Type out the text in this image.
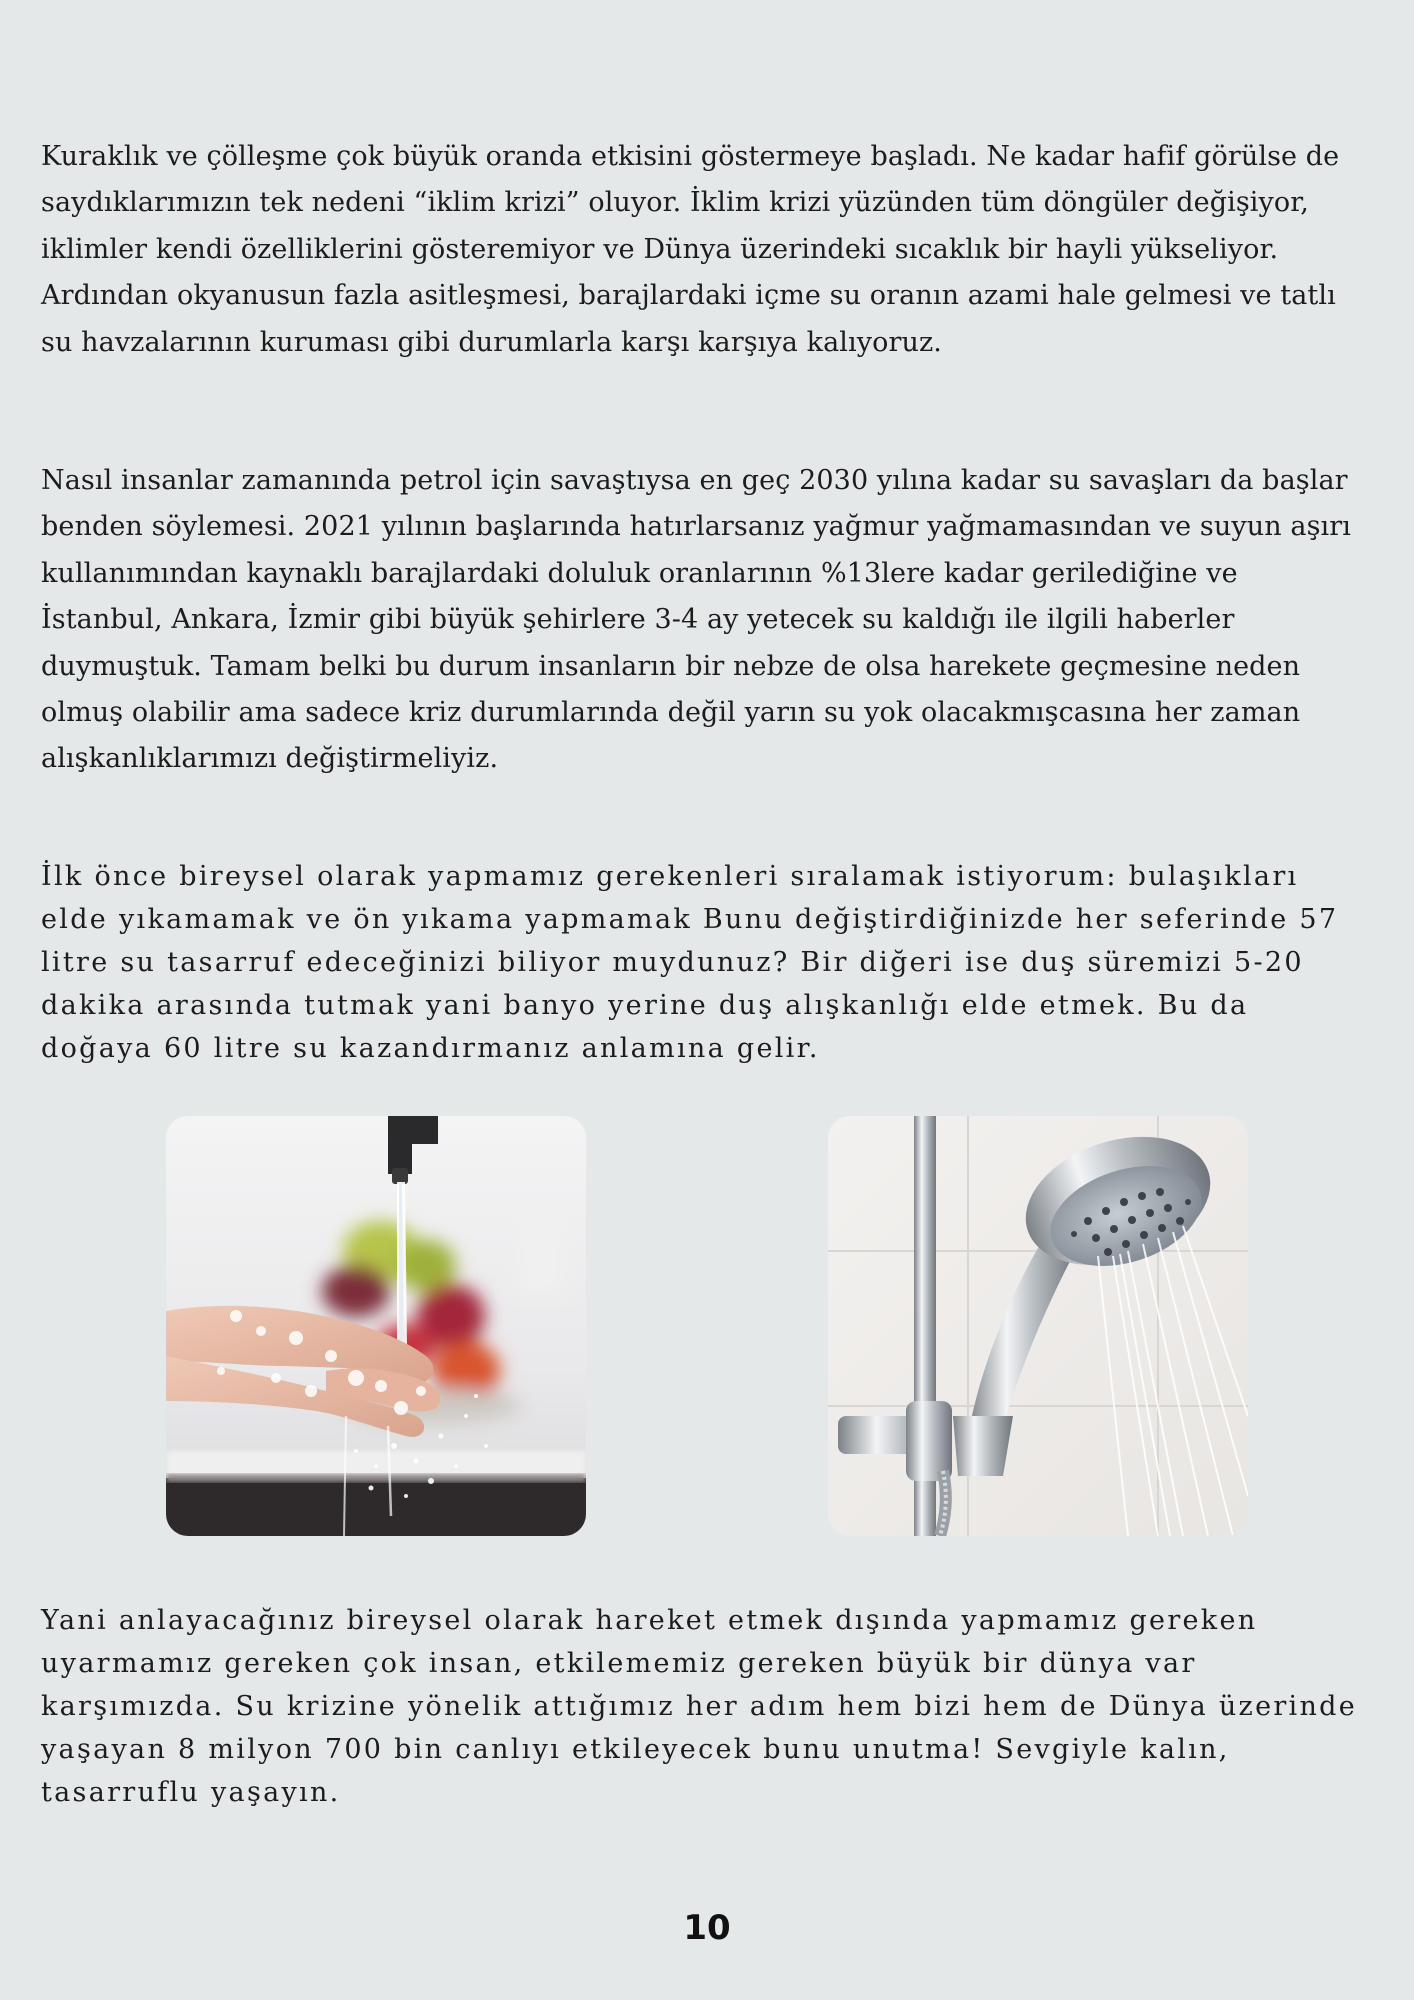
Kuraklık ve çölleşme çok büyük oranda etkisini göstermeye başladı. Ne kadar hafif görülse de saydıklarımızın tek nedeni “iklim krizi” oluyor. İklim krizi yüzünden tüm döngüler değişiyor, iklimler kendi özelliklerini gösteremiyor ve Dünya üzerindeki sıcaklık bir hayli yükseliyor. Ardından okyanusun fazla asitleşmesi, barajlardaki içme su oranın azami hale gelmesi ve tatlı su havzalarının kuruması gibi durumlarla karşı karşıya kalıyoruz.

Nasıl insanlar zamanında petrol için savaştıysa en geç 2030 yılına kadar su savaşları da başlar benden söylemesi. 2021 yılının başlarında hatırlarsanız yağmur yağmamasından ve suyun aşırı kullanımından kaynaklı barajlardaki doluluk oranlarının %13lere kadar gerilediğine ve İstanbul, Ankara, İzmir gibi büyük şehirlere 3-4 ay yetecek su kaldığı ile ilgili haberler duymuştuk. Tamam belki bu durum insanların bir nebze de olsa harekete geçmesine neden olmuş olabilir ama sadece kriz durumlarında değil yarın su yok olacakmışcasına her zaman alışkanlıklarımızı değiştirmeliyiz.

İlk önce bireysel olarak yapmamız gerekenleri sıralamak istiyorum: bulaşıkları elde yıkamamak ve ön yıkama yapmamak Bunu değiştirdiğinizde her seferinde 57 litre su tasarruf edeceğinizi biliyor muydunuz? Bir diğeri ise duş süremizi 5-20 dakika arasında tutmak yani banyo yerine duş alışkanlığı elde etmek. Bu da doğaya 60 litre su kazandırmanız anlamına gelir.

Yani anlayacağınız bireysel olarak hareket etmek dışında yapmamız gereken uyarmamız gereken çok insan, etkilememiz gereken büyük bir dünya var karşımızda. Su krizine yönelik attığımız her adım hem bizi hem de Dünya üzerinde yaşayan 8 milyon 700 bin canlıyı etkileyecek bunu unutma! Sevgiyle kalın, tasarruflu yaşayın.

10
